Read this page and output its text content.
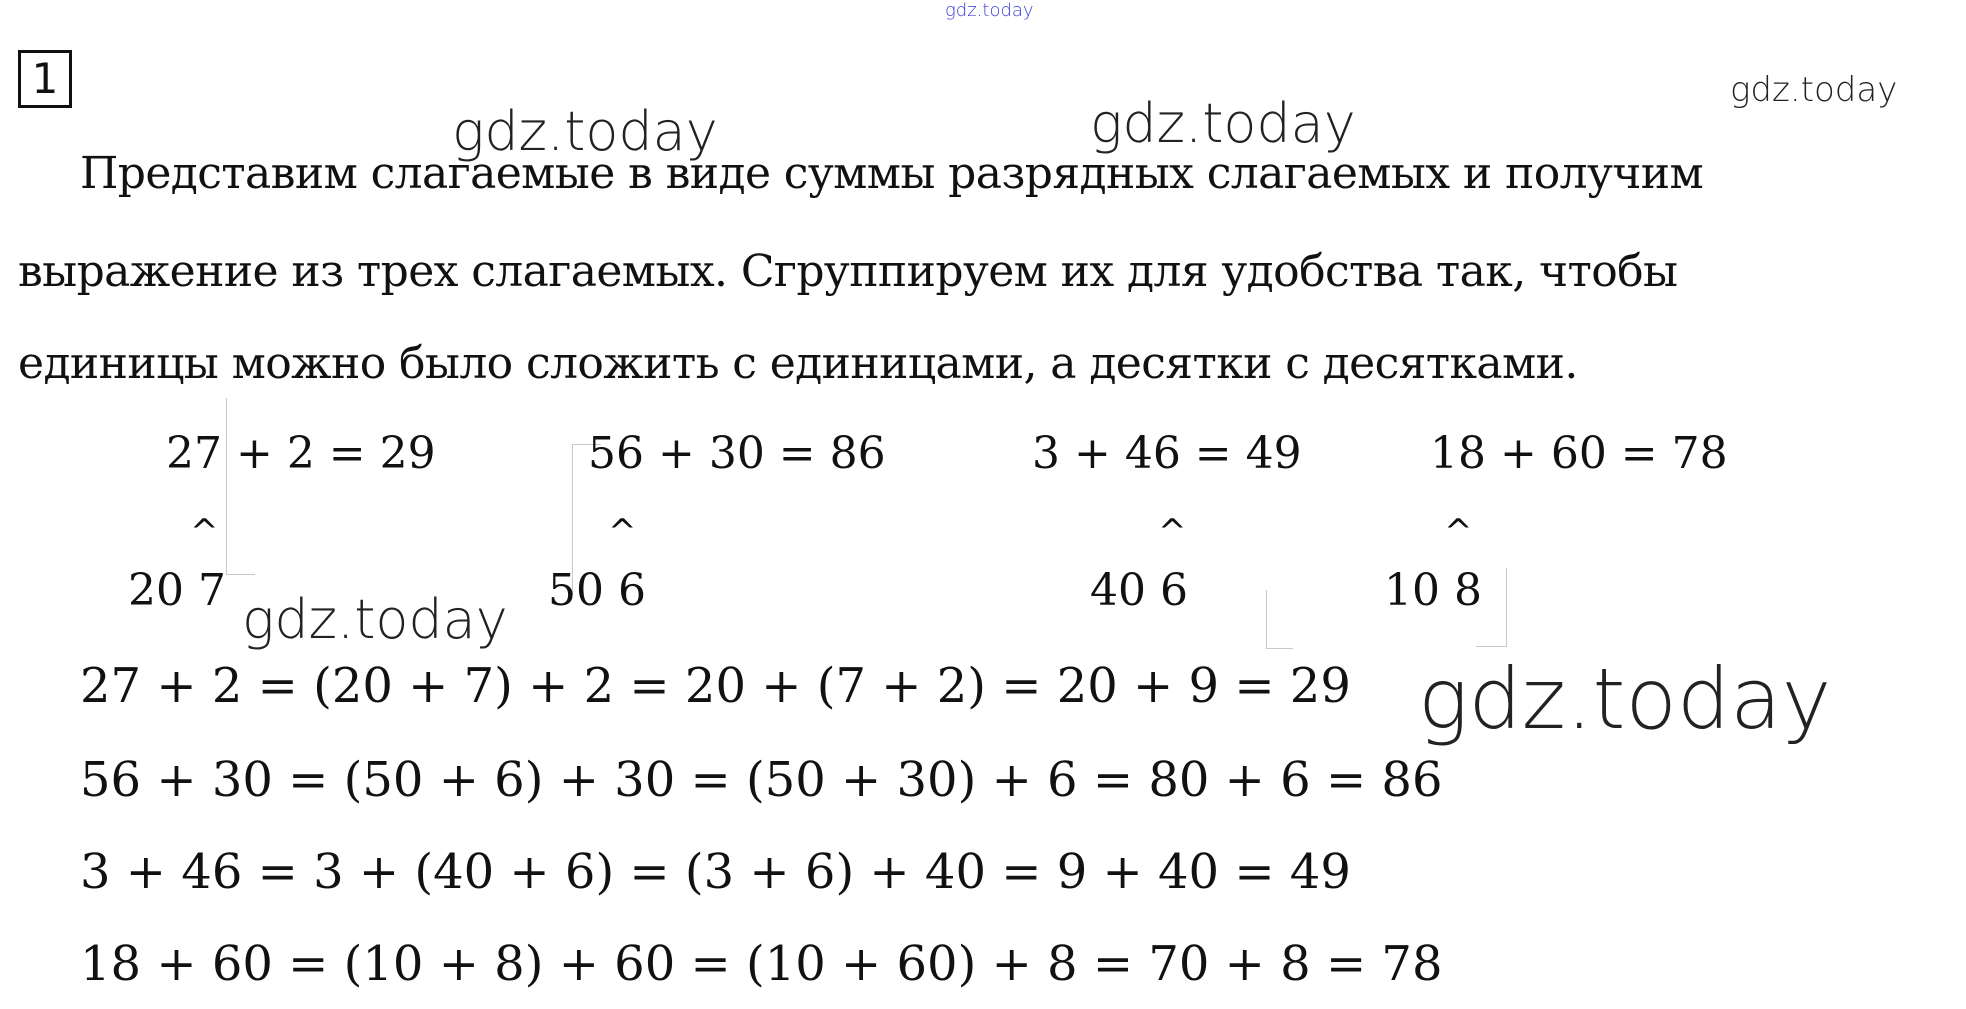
gdz.today
gdz.today	gdz.today
gdz.today
1
Представим слагаемые в виде суммы разрядных слагаемых и получим
выражение из трех слагаемых. Сгруппируем их для удобства так, чтобы
единицы можно было сложить с единицами, а десятки с десятками.
27 + 2 = 29	56 + 30 = 86	3 + 46 = 49	18 + 60 = 78
^	^	^	^
20 7	50 6	40 6	10 8
gdz.today
27 + 2 = (20 + 7) + 2 = 20 + (7 + 2) = 20 + 9 = 29
56 + 30 = (50 + 6) + 30 = (50 + 30) + 6 = 80 + 6 = 86
3 + 46 = 3 + (40 + 6) = (3 + 6) + 40 = 9 + 40 = 49
18 + 60 = (10 + 8) + 60 = (10 + 60) + 8 = 70 + 8 = 78
gdz.today
